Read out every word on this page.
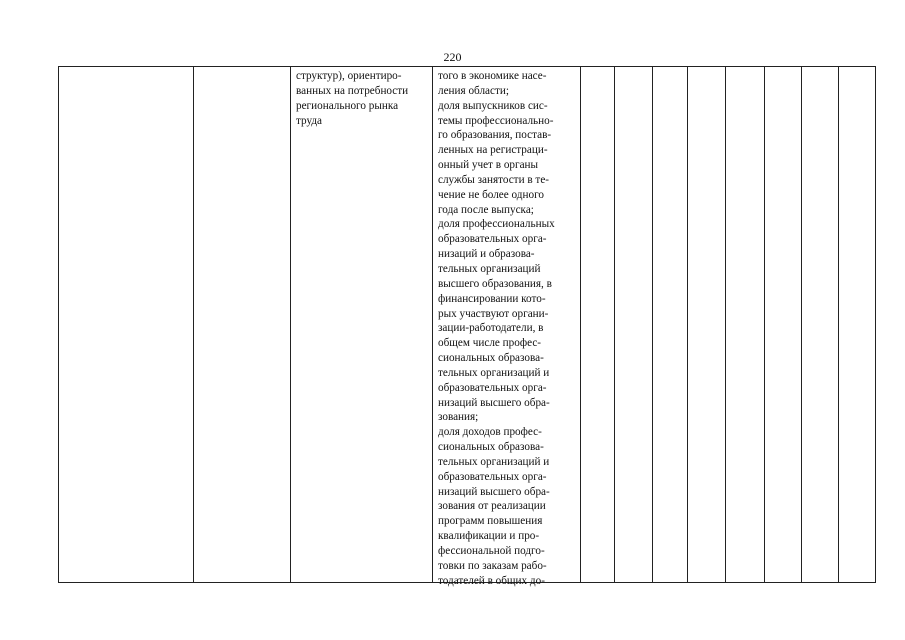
220
структур), ориентиро-
ванных на потребности
регионального рынка
труда
того в экономике насе-
ления области;
доля выпускников сис-
темы профессионально-
го образования, постав-
ленных на регистраци-
онный учет в органы
службы занятости в те-
чение не более одного
года после выпуска;
доля профессиональных
образовательных орга-
низаций и образова-
тельных организаций
высшего образования, в
финансировании кото-
рых участвуют органи-
зации-работодатели, в
общем числе профес-
сиональных образова-
тельных организаций и
образовательных орга-
низаций высшего обра-
зования;
доля доходов профес-
сиональных образова-
тельных организаций и
образовательных орга-
низаций высшего обра-
зования от реализации
программ повышения
квалификации и про-
фессиональной подго-
товки по заказам рабо-
тодателей в общих до-
